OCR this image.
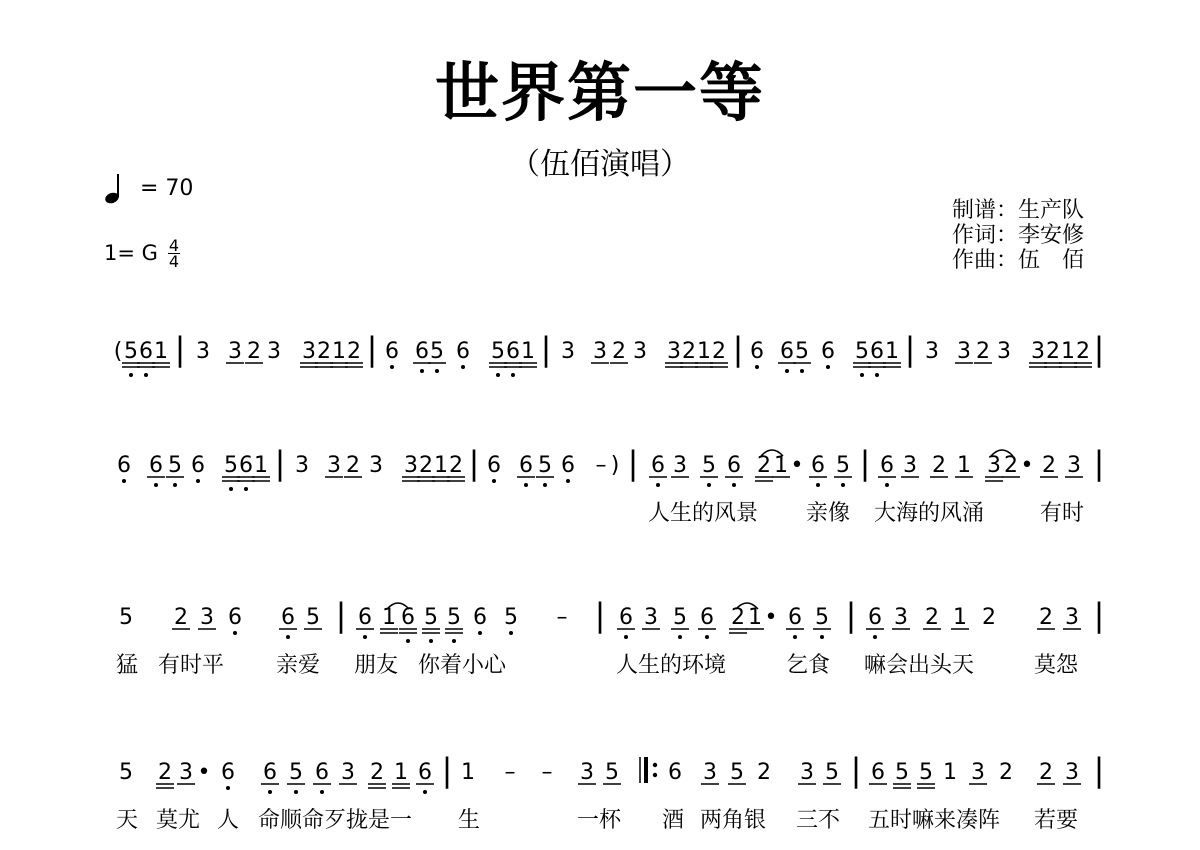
世界第一等
（伍佰演唱）
= 70
1= G $\frac{4}{4}$
制谱：生产队
作词：李安修
作曲：伍　佰
( 5 6 1 | 3 3 2 3 3 2 1 2 | 6 6 5 6 5 6 1 | 3 3 2 3 3 2 1 2 | 6 6 5 6 5 6 1 | 3 3 2 3 3 2 1 2 |
6 6 5 6 5 6 1 | 3 3 2 3 3 2 1 2 | 6 6 5 6 – ) | 6 3 5 6 2 1 • 6 5 | 6 3 2 1 3 2 • 2 3 |
人生的风景 亲像 大海的风涌	有时
5 2 3 6 6 5 | 6 1 6 5 5 6 5 – | 6 3 5 6 2 1 • 6 5 | 6 3 2 1 2 2 3 |
猛 有时平 亲爱 朋友 你着小心	人生的环境	乞食 嘛会出头天	莫怨
5 2 3 • 6 6 5 6 3 2 1 6 | 1 – – 3 5 6 3 5 2 3 5 | 6 5 5 1 3 2 2 3 |
天 莫尤 人 命顺命歹拢是一 生	一杯 酒 两角银 三不 五时嘛来凑阵 若要
